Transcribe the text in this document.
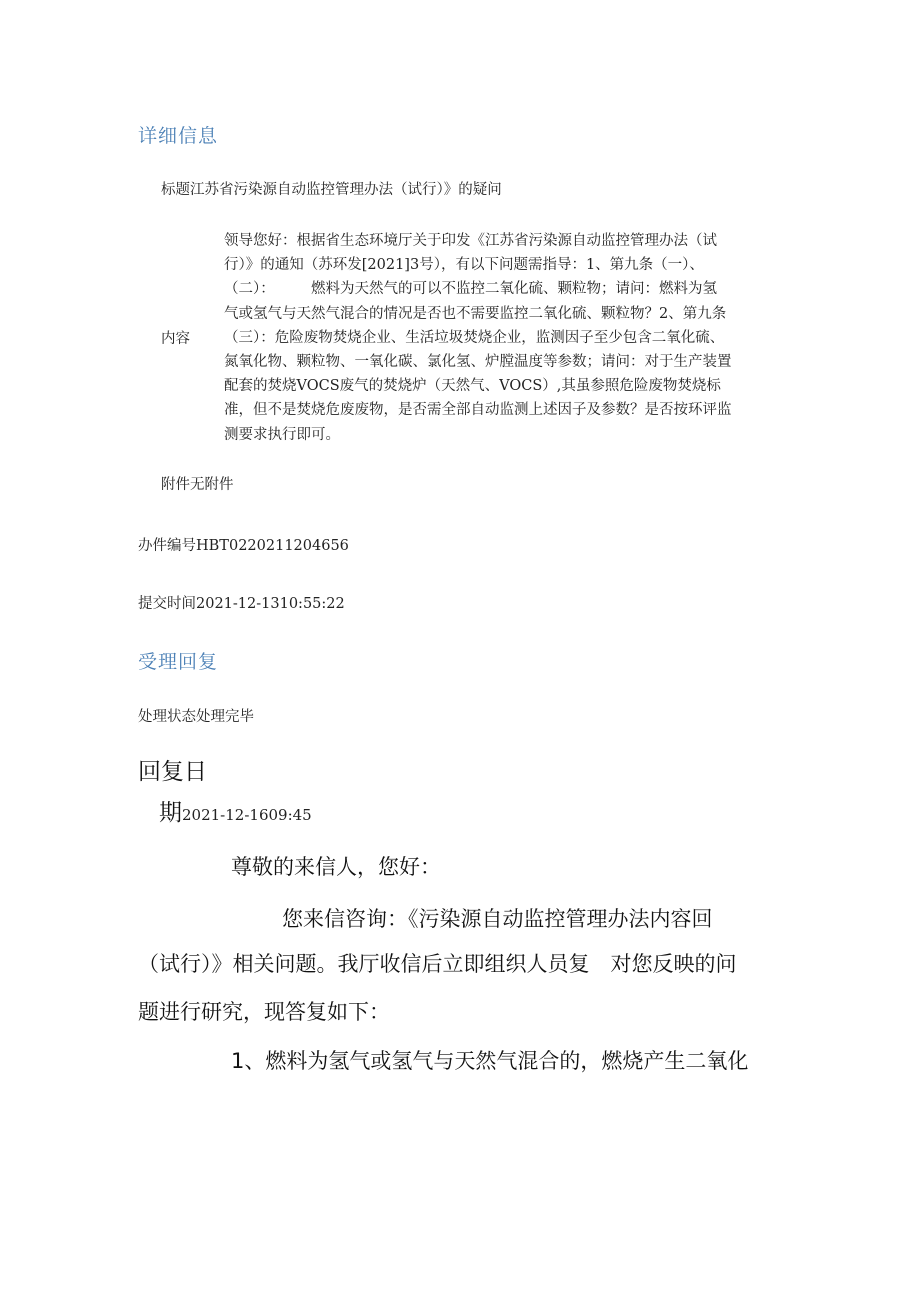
详细信息
标题江苏省污染源自动监控管理办法（试行）》的疑问
内容
领导您好：根据省生态环境厅关于印发《江苏省污染源自动监控管理办法（试
行）》的通知（苏环发[2021]3号），有以下问题需指导：1、第九条（一）、
（二）：　　　燃料为天然气的可以不监控二氧化硫、颗粒物；请问：燃料为氢
气或氢气与天然气混合的情况是否也不需要监控二氧化硫、颗粒物？2、第九条
（三）：危险废物焚烧企业、生活垃圾焚烧企业，监测因子至少包含二氧化硫、
氮氧化物、颗粒物、一氧化碳、氯化氢、炉膛温度等参数；请问：对于生产装置
配套的焚烧VOCS废气的焚烧炉（天然气、VOCS）,其虽参照危险废物焚烧标
准，但不是焚烧危废废物，是否需全部自动监测上述因子及参数？是否按环评监
测要求执行即可。
附件无附件
办件编号HBT0220211204656
提交时间2021-12-1310:55:22
受理回复
处理状态处理完毕
回复日
期2021-12-1609:45
尊敬的来信人，您好：
您来信咨询：《污染源自动监控管理办法内容回
（试行）》相关问题。我厅收信后立即组织人员复　对您反映的问
题进行研究，现答复如下：
1、燃料为氢气或氢气与天然气混合的，燃烧产生二氧化
